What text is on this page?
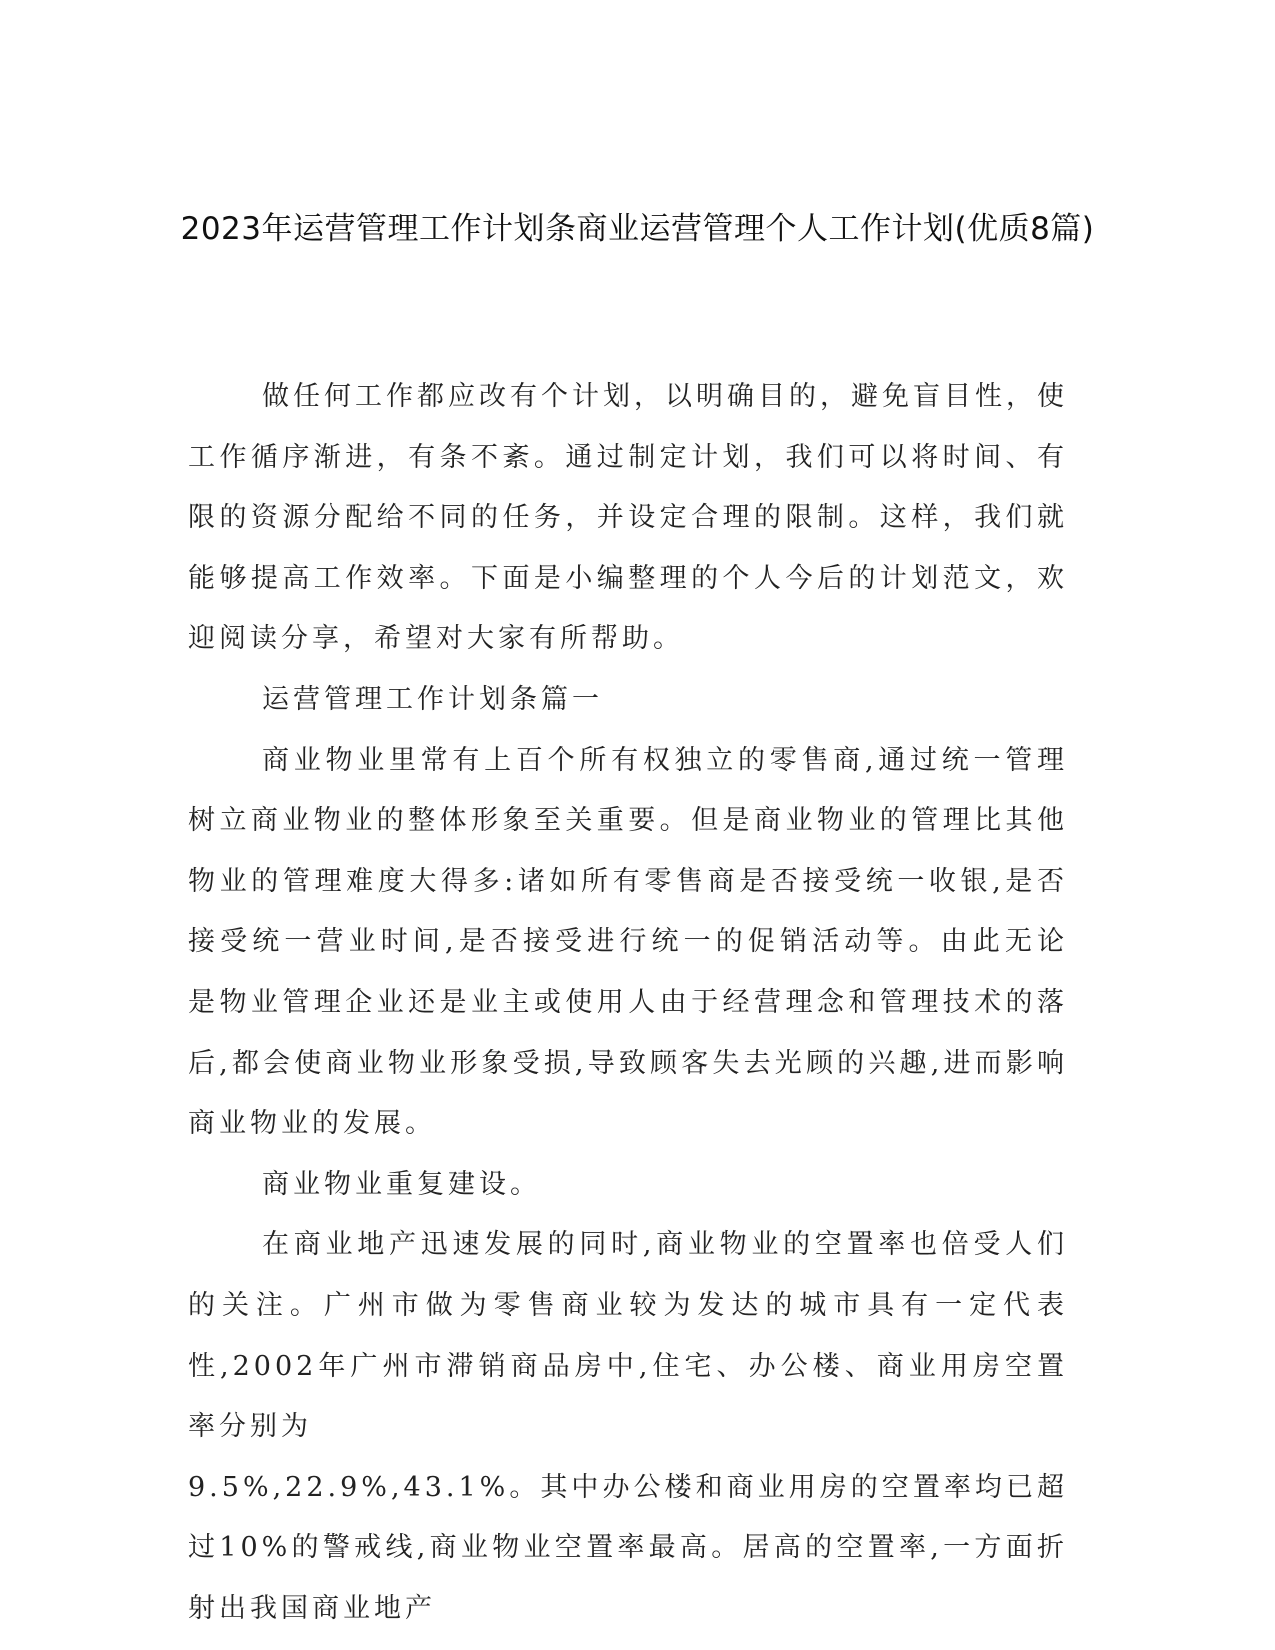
2023年运营管理工作计划条商业运营管理个人工作计划(优质8篇)

做任何工作都应改有个计划，以明确目的，避免盲目性，使工作循序渐进，有条不紊。通过制定计划，我们可以将时间、有限的资源分配给不同的任务，并设定合理的限制。这样，我们就能够提高工作效率。下面是小编整理的个人今后的计划范文，欢迎阅读分享，希望对大家有所帮助。

运营管理工作计划条篇一

商业物业里常有上百个所有权独立的零售商,通过统一管理树立商业物业的整体形象至关重要。但是商业物业的管理比其他物业的管理难度大得多:诸如所有零售商是否接受统一收银,是否接受统一营业时间,是否接受进行统一的促销活动等。由此无论是物业管理企业还是业主或使用人由于经营理念和管理技术的落后,都会使商业物业形象受损,导致顾客失去光顾的兴趣,进而影响商业物业的发展。

商业物业重复建设。

在商业地产迅速发展的同时,商业物业的空置率也倍受人们的关注。广州市做为零售商业较为发达的城市具有一定代表性,2002年广州市滞销商品房中,住宅、办公楼、商业用房空置率分别为

9.5%,22.9%,43.1%。其中办公楼和商业用房的空置率均已超过10%的警戒线,商业物业空置率最高。居高的空置率,一方面折射出我国商业地产
